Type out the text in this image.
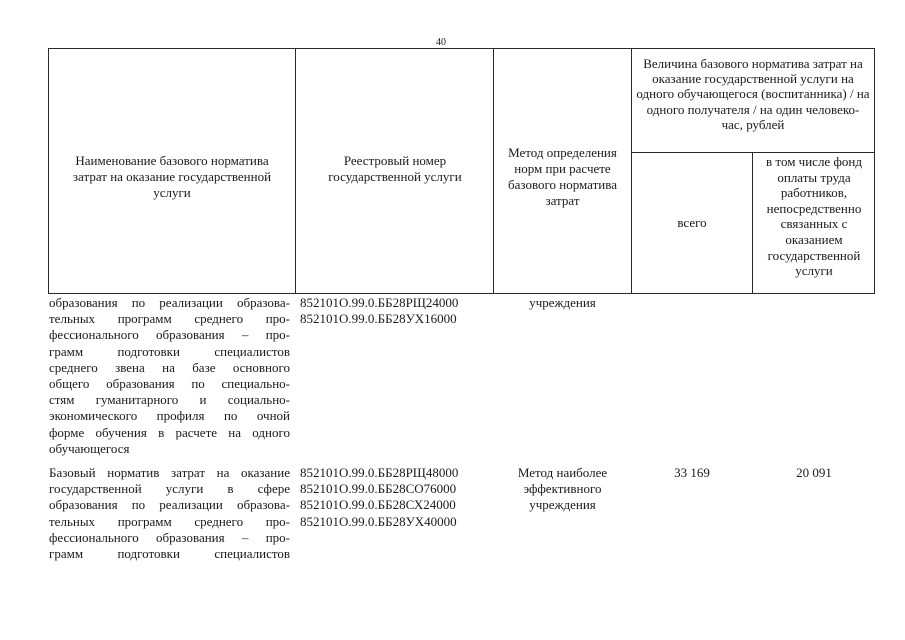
40
Наименование базового норматива затрат на оказание государственной услуги
Реестровый номер государственной услуги
Метод определения норм при расчете базового норматива затрат
Величина базового норматива затрат на оказание государственной услуги на одного обучающегося (воспитанника) / на одного получателя / на один человеко-час, рублей
всего
в том числе фонд оплаты труда работников, непосредственно связанных с оказанием государственной услуги
образования по реализации образова-
тельных программ среднего про-
фессионального образования – про-
грамм подготовки специалистов
среднего звена на базе основного
общего образования по специально-
стям гуманитарного и социально-
экономического профиля по очной
форме обучения в расчете на одного
обучающегося
852101О.99.0.ББ28РЩ24000
852101О.99.0.ББ28УХ16000
учреждения
Базовый норматив затрат на оказание
государственной услуги в сфере
образования по реализации образова-
тельных программ среднего про-
фессионального образования – про-
грамм подготовки специалистов
852101О.99.0.ББ28РЩ48000
852101О.99.0.ББ28СО76000
852101О.99.0.ББ28СХ24000
852101О.99.0.ББ28УХ40000
Метод наиболее
эффективного
учреждения
33 169	20 091
